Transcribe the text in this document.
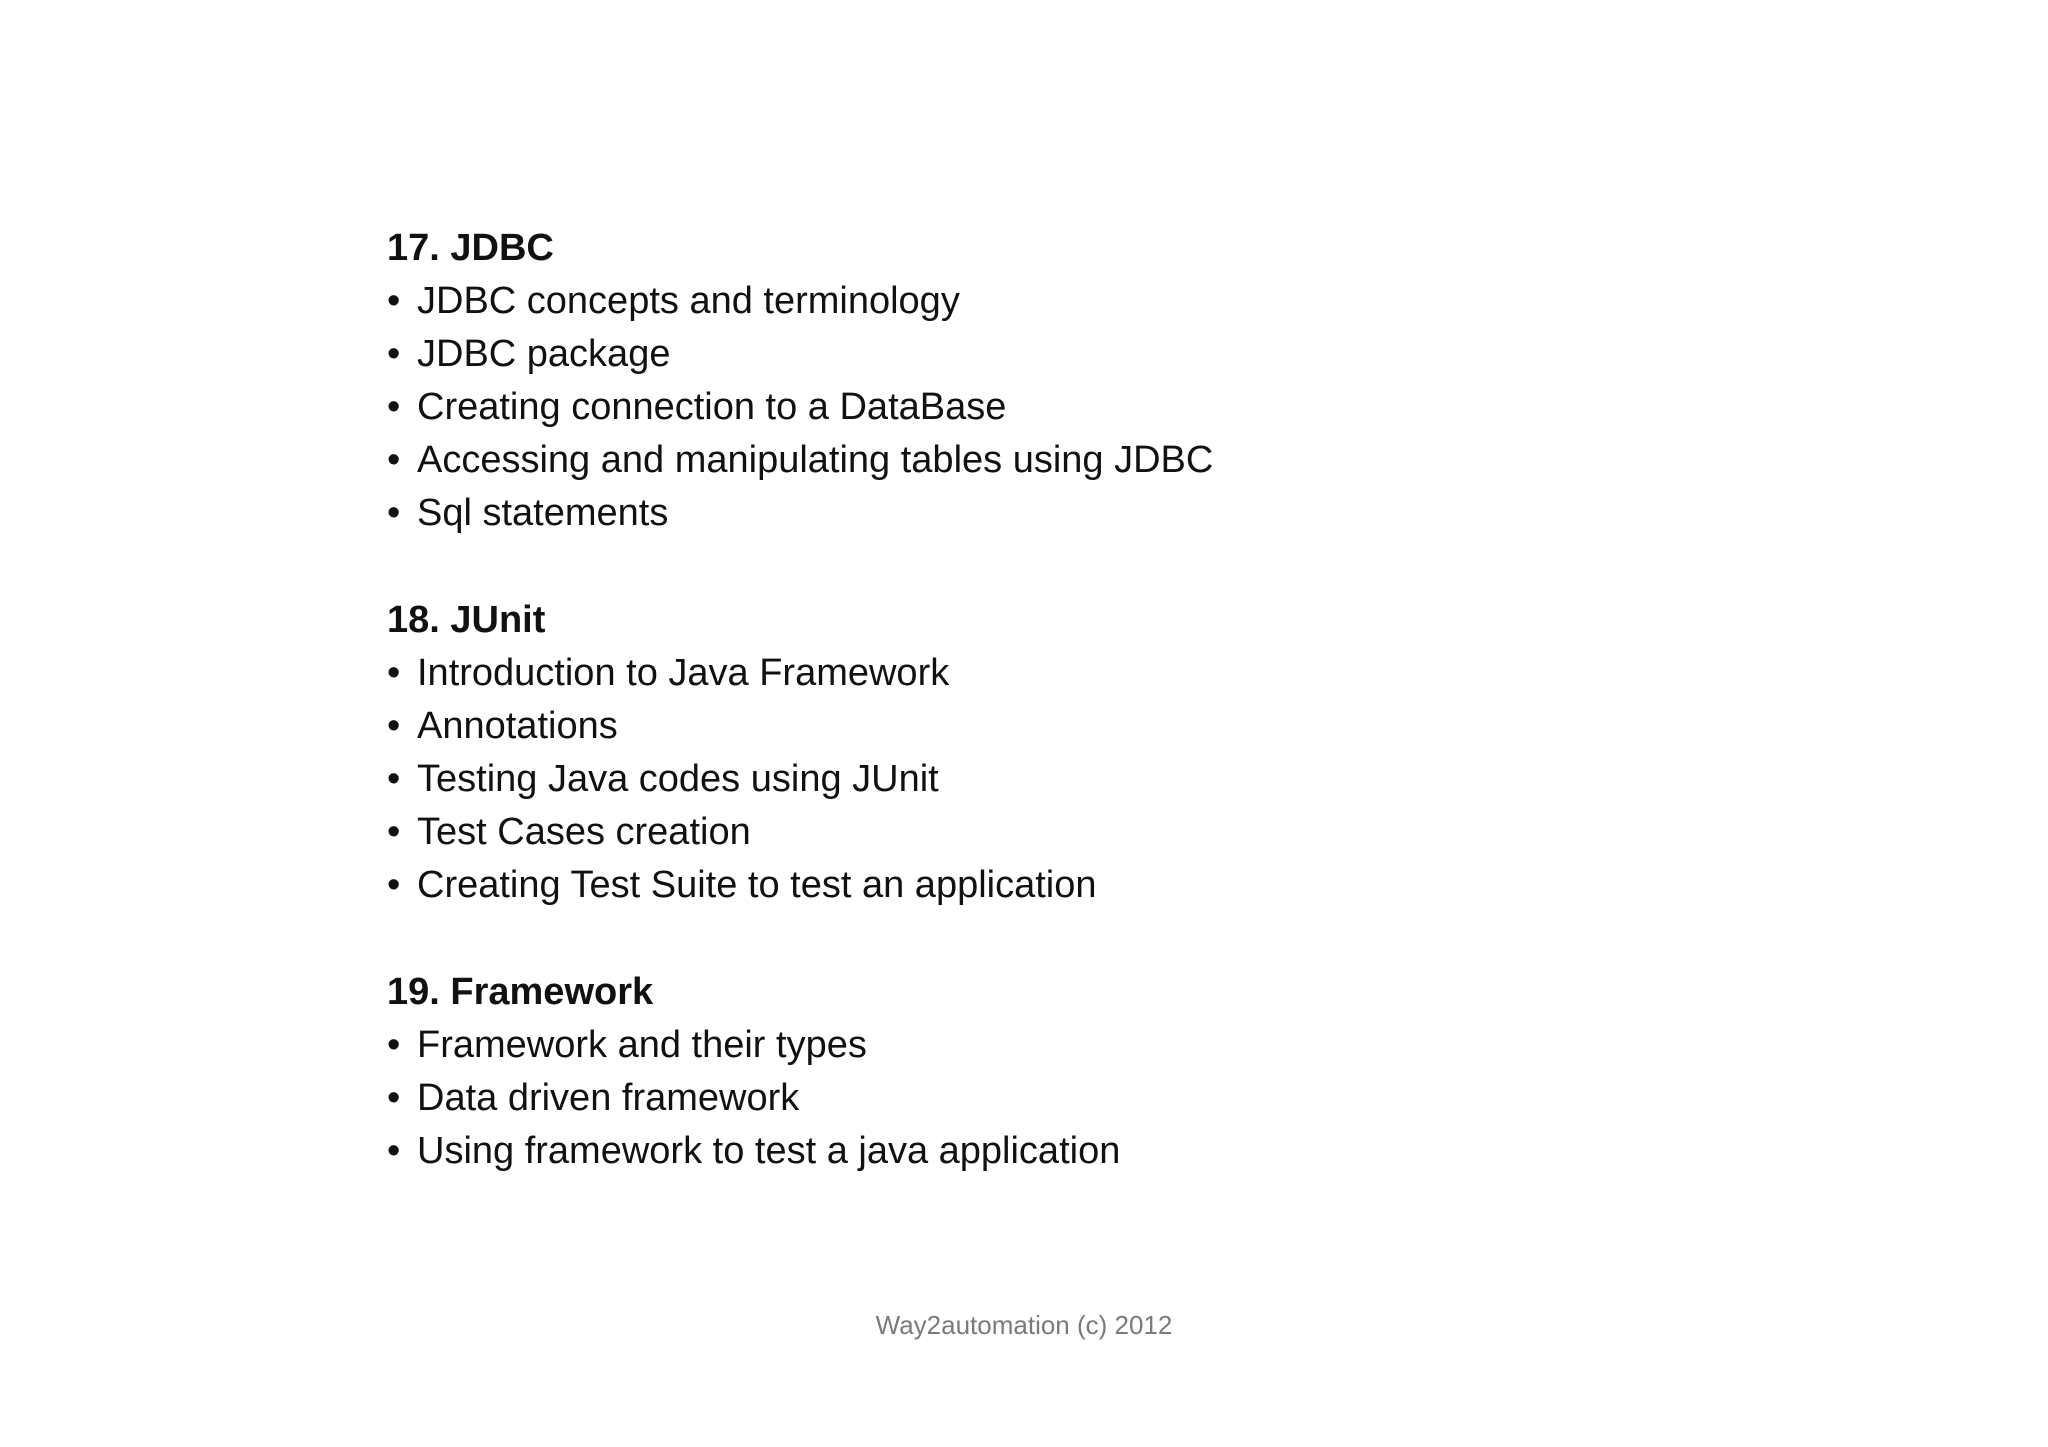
17. JDBC
• JDBC concepts and terminology
• JDBC package
• Creating connection to a DataBase
• Accessing and manipulating tables using JDBC
• Sql statements
18. JUnit
• Introduction to Java Framework
• Annotations
• Testing Java codes using JUnit
• Test Cases creation
• Creating Test Suite to test an application
19. Framework
• Framework and their types
• Data driven framework
• Using framework to test a java application
Way2automation (c) 2012
